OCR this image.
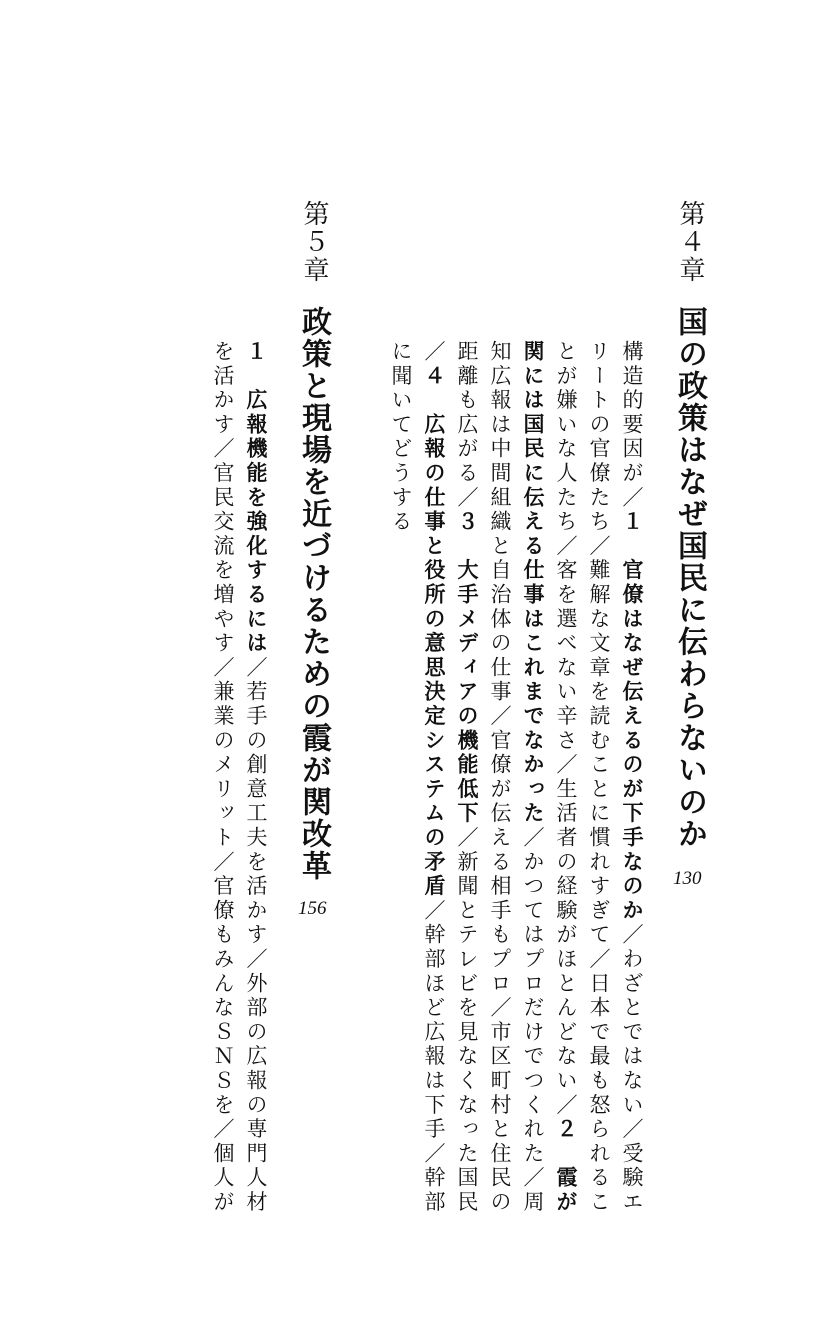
第４章
国の政策はなぜ国民に伝わらないのか
130
構造的要因が／１　官僚はなぜ伝えるのが下手なのか／わざとではない／受験エ
リートの官僚たち／難解な文章を読むことに慣れすぎて／日本で最も怒られるこ
とが嫌いな人たち／客を選べない辛さ／生活者の経験がほとんどない／２　霞が
関には国民に伝える仕事はこれまでなかった／かつてはプロだけでつくれた／周
知広報は中間組織と自治体の仕事／官僚が伝える相手もプロ／市区町村と住民の
距離も広がる／３　大手メディアの機能低下／新聞とテレビを見なくなった国民
／４　広報の仕事と役所の意思決定システムの矛盾／幹部ほど広報は下手／幹部
に聞いてどうする
第５章
政策と現場を近づけるための霞が関改革
156
１　広報機能を強化するには／若手の創意工夫を活かす／外部の広報の専門人材
を活かす／官民交流を増やす／兼業のメリット／官僚もみんなＳＮＳを／個人が
